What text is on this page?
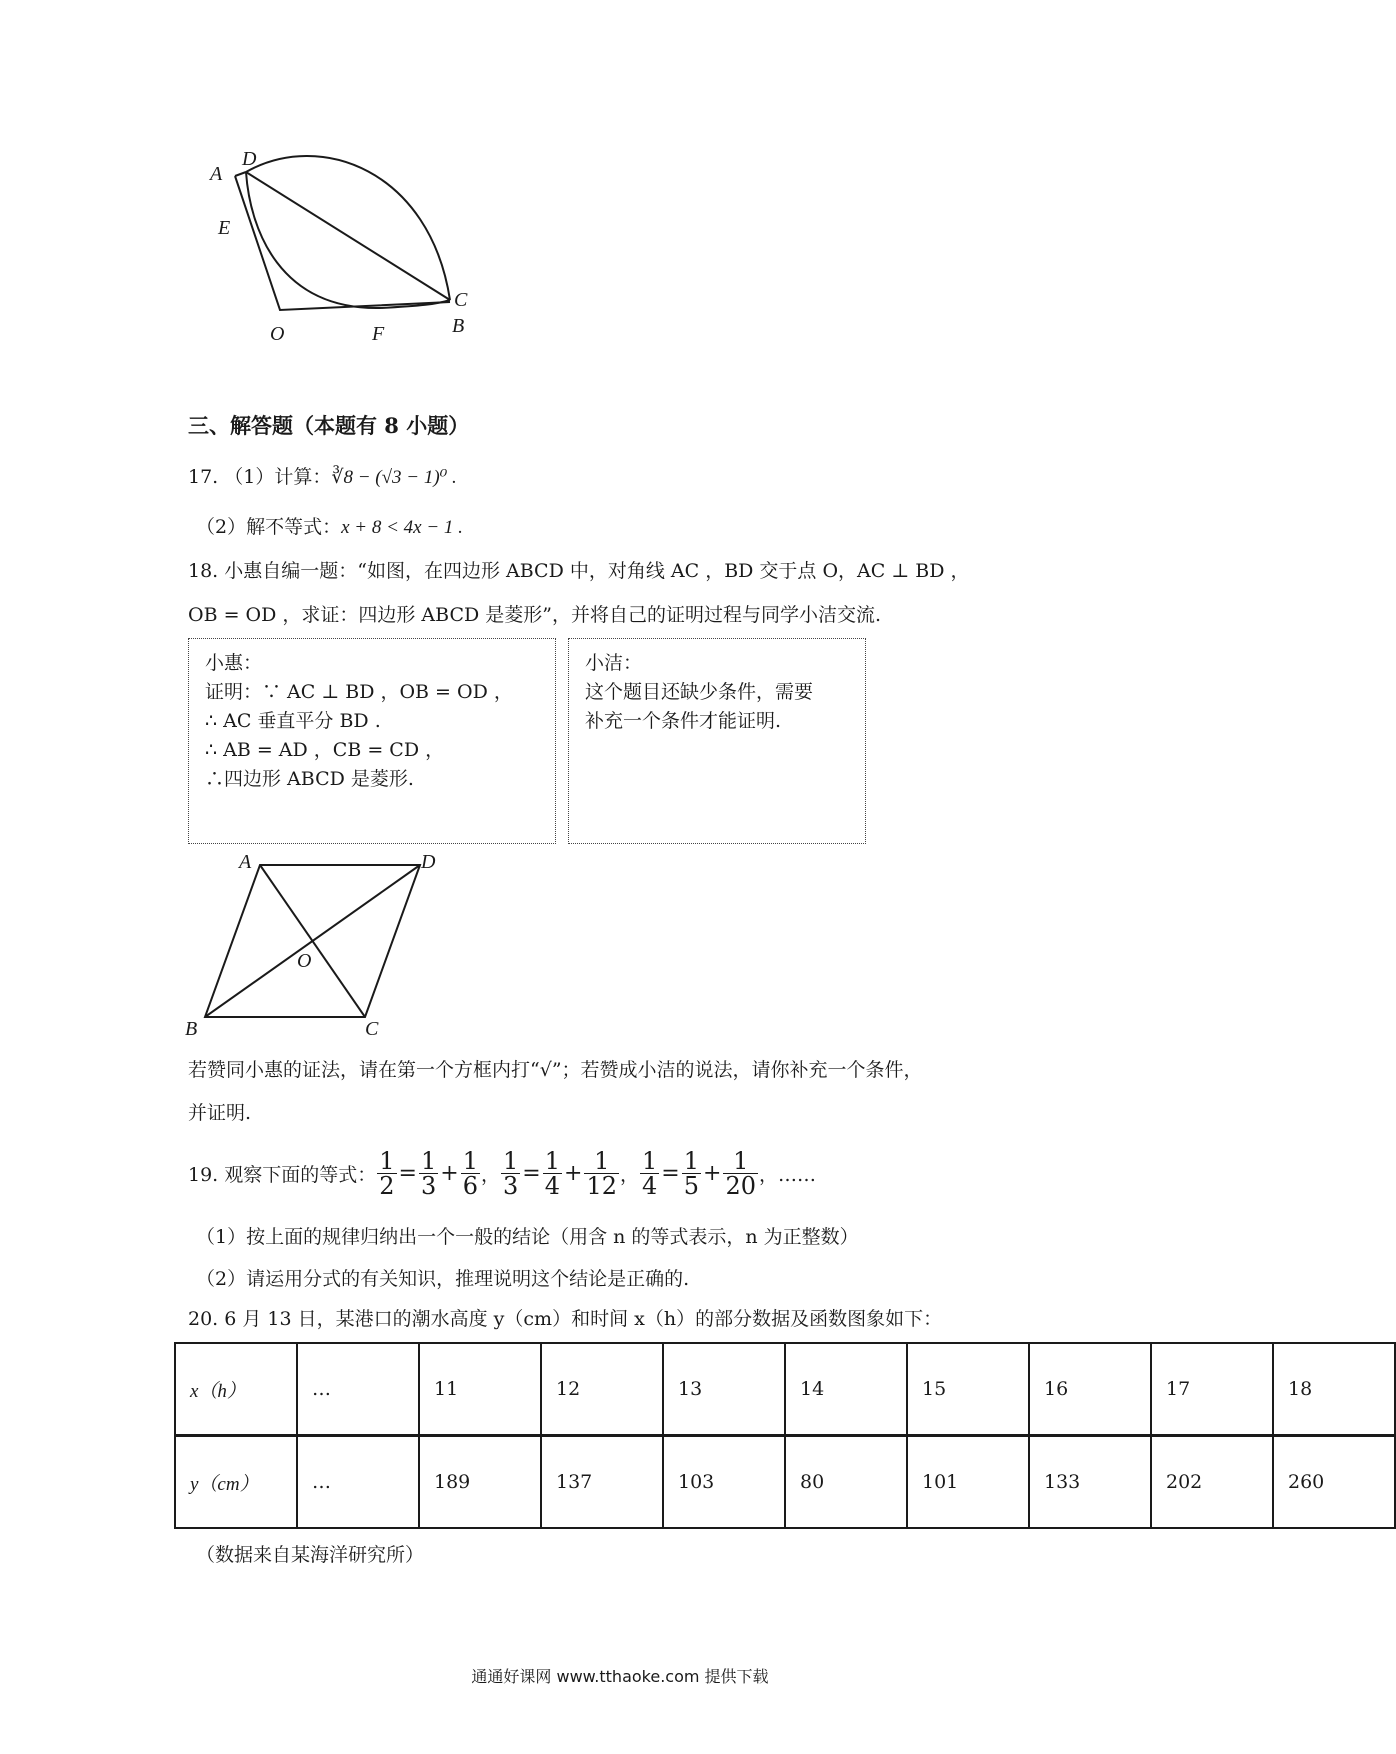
A
D
E
C
O	F	B
三、解答题（本题有 8 小题）
17. （1）计算：∛8 − (√3 − 1)⁰ .
（2）解不等式：x + 8 < 4x − 1 .
18. 小惠自编一题：“如图，在四边形 ABCD 中，对角线 AC ，BD 交于点 O，AC ⊥ BD ，
OB = OD ，求证：四边形 ABCD 是菱形”，并将自己的证明过程与同学小洁交流.
小惠：
证明：∵ AC ⊥ BD ，OB = OD ，
∴ AC 垂直平分 BD .
∴ AB = AD ，CB = CD ，
∴四边形 ABCD 是菱形.
小洁：
这个题目还缺少条件，需要
补充一个条件才能证明.
A	D
O
B	C
若赞同小惠的证法，请在第一个方框内打“√”；若赞成小洁的说法，请你补充一个条件，
并证明.
19. 观察下面的等式： $\frac{1}{2} = \frac{1}{3} + \frac{1}{6}$ ， $\frac{1}{3} = \frac{1}{4} + \frac{1}{12}$ ， $\frac{1}{4} = \frac{1}{5} + \frac{1}{20}$ ，……
（1）按上面的规律归纳出一个一般的结论（用含 n 的等式表示，n 为正整数）
（2）请运用分式的有关知识，推理说明这个结论是正确的.
20. 6 月 13 日，某港口的潮水高度 y（cm）和时间 x（h）的部分数据及函数图象如下：
x（h）	…	11	12	13	14	15	16	17	18
y（cm）	…	189	137	103	80	101	133	202	260
（数据来自某海洋研究所）
通通好课网 www.tthaoke.com 提供下载
